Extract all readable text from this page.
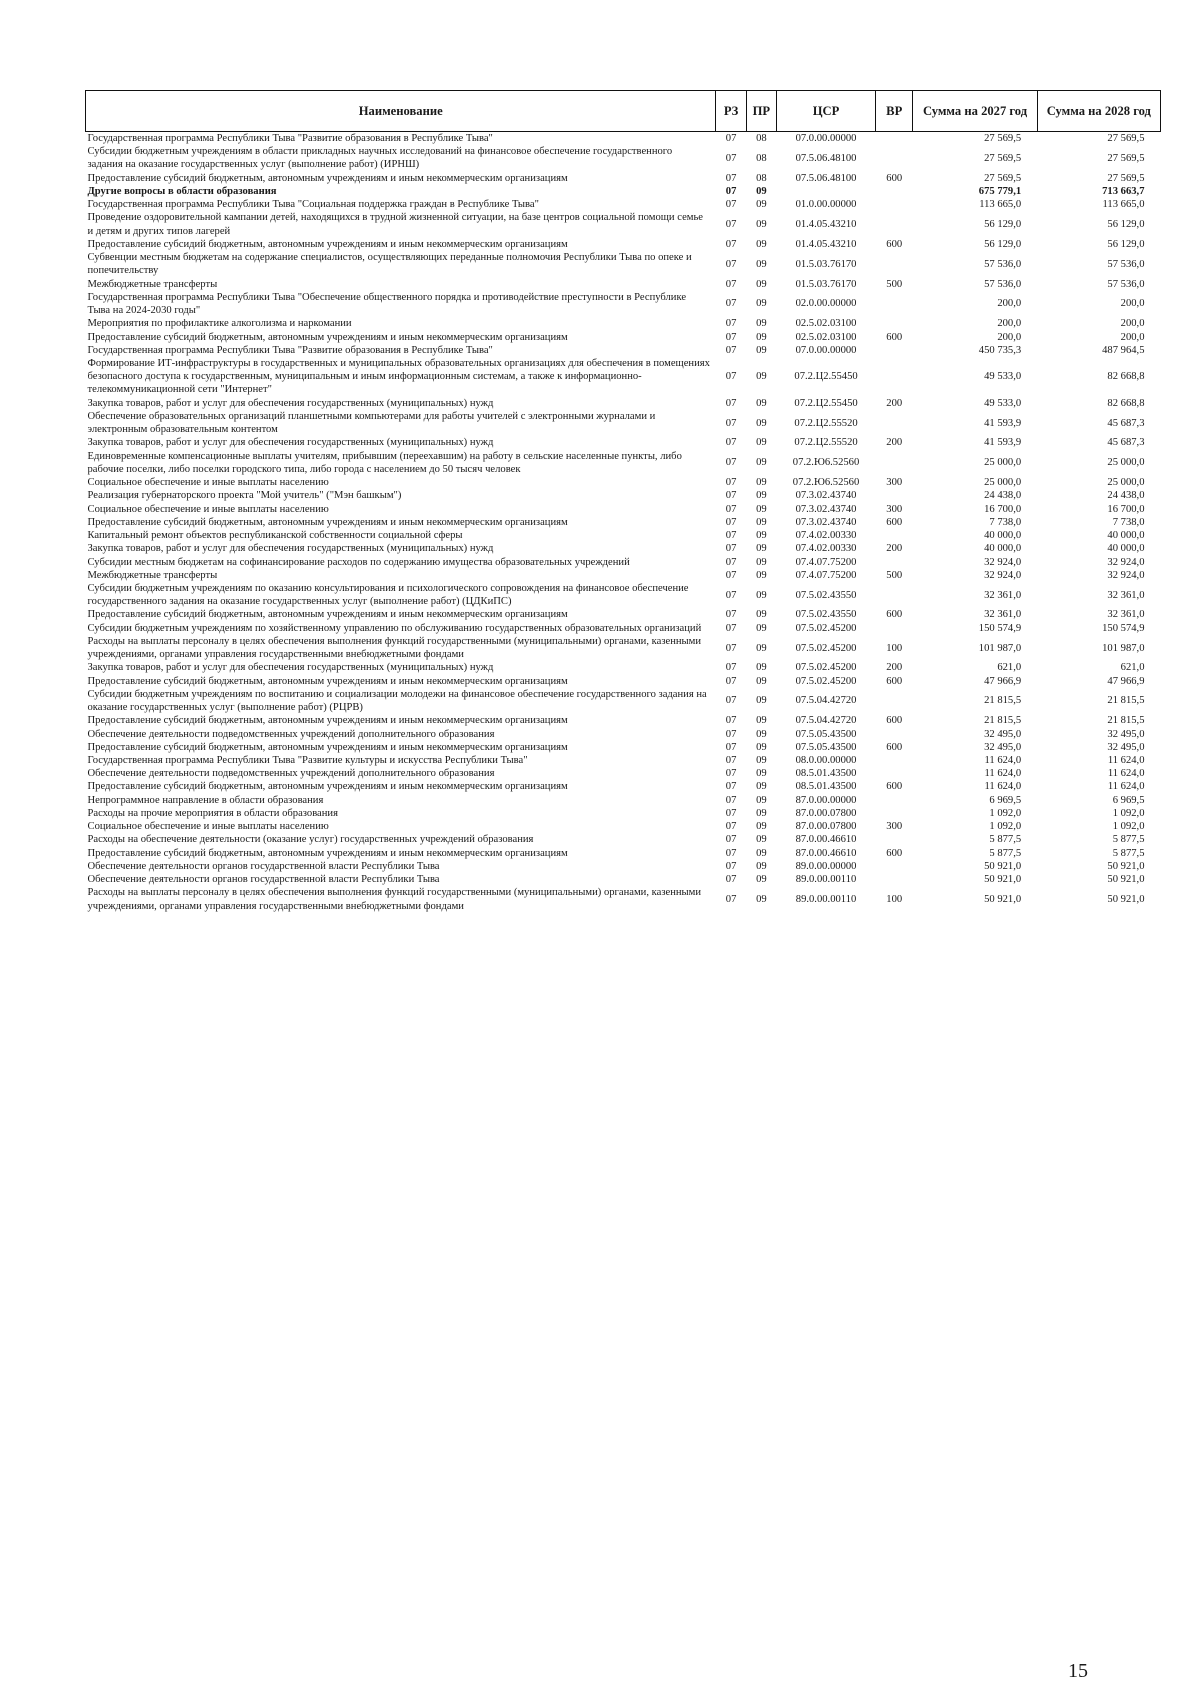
Наименование	РЗ	ПР	ЦСР	ВР	Сумма на 2027 год	Сумма на 2028 год
Государственная программа Республики Тыва "Развитие образования в Республике Тыва"	07	08	07.0.00.00000		27 569,5	27 569,5
Субсидии бюджетным учреждениям в области прикладных научных исследований на финансовое обеспечение государственного задания на оказание государственных услуг (выполнение работ) (ИРНШ)	07	08	07.5.06.48100		27 569,5	27 569,5
Предоставление субсидий бюджетным, автономным учреждениям и иным некоммерческим организациям	07	08	07.5.06.48100	600	27 569,5	27 569,5
Другие вопросы в области образования	07	09			675 779,1	713 663,7
Государственная программа Республики Тыва "Социальная поддержка граждан в Республике Тыва"	07	09	01.0.00.00000		113 665,0	113 665,0
Проведение оздоровительной кампании детей, находящихся в трудной жизненной ситуации, на базе центров социальной помощи семье и детям и других типов лагерей	07	09	01.4.05.43210		56 129,0	56 129,0
Предоставление субсидий бюджетным, автономным учреждениям и иным некоммерческим организациям	07	09	01.4.05.43210	600	56 129,0	56 129,0
Субвенции местным бюджетам на содержание специалистов, осуществляющих переданные полномочия Республики Тыва по опеке и попечительству	07	09	01.5.03.76170		57 536,0	57 536,0
Межбюджетные трансферты	07	09	01.5.03.76170	500	57 536,0	57 536,0
Государственная программа Республики Тыва "Обеспечение общественного порядка и противодействие преступности в Республике Тыва на 2024-2030 годы"	07	09	02.0.00.00000		200,0	200,0
Мероприятия по профилактике алкоголизма и наркомании	07	09	02.5.02.03100		200,0	200,0
Предоставление субсидий бюджетным, автономным учреждениям и иным некоммерческим организациям	07	09	02.5.02.03100	600	200,0	200,0
Государственная программа Республики Тыва "Развитие образования в Республике Тыва"	07	09	07.0.00.00000		450 735,3	487 964,5
Формирование ИТ-инфраструктуры в государственных и муниципальных образовательных организациях для обеспечения в помещениях безопасного доступа к государственным, муниципальным и иным информационным системам, а также к информационно-телекоммуникационной сети "Интернет"	07	09	07.2.Ц2.55450		49 533,0	82 668,8
Закупка товаров, работ и услуг для обеспечения государственных (муниципальных) нужд	07	09	07.2.Ц2.55450	200	49 533,0	82 668,8
Обеспечение образовательных организаций планшетными компьютерами для работы учителей с электронными журналами и электронным образовательным контентом	07	09	07.2.Ц2.55520		41 593,9	45 687,3
Закупка товаров, работ и услуг для обеспечения государственных (муниципальных) нужд	07	09	07.2.Ц2.55520	200	41 593,9	45 687,3
Единовременные компенсационные выплаты учителям, прибывшим (переехавшим) на работу в сельские населенные пункты, либо рабочие поселки, либо поселки городского типа, либо города с населением до 50 тысяч человек	07	09	07.2.Ю6.52560		25 000,0	25 000,0
Социальное обеспечение и иные выплаты населению	07	09	07.2.Ю6.52560	300	25 000,0	25 000,0
Реализация губернаторского проекта "Мой учитель" ("Мэн башкым")	07	09	07.3.02.43740		24 438,0	24 438,0
Социальное обеспечение и иные выплаты населению	07	09	07.3.02.43740	300	16 700,0	16 700,0
Предоставление субсидий бюджетным, автономным учреждениям и иным некоммерческим организациям	07	09	07.3.02.43740	600	7 738,0	7 738,0
Капитальный ремонт объектов республиканской собственности социальной сферы	07	09	07.4.02.00330		40 000,0	40 000,0
Закупка товаров, работ и услуг для обеспечения государственных (муниципальных) нужд	07	09	07.4.02.00330	200	40 000,0	40 000,0
Субсидии местным бюджетам на софинансирование расходов по содержанию имущества образовательных учреждений	07	09	07.4.07.75200		32 924,0	32 924,0
Межбюджетные трансферты	07	09	07.4.07.75200	500	32 924,0	32 924,0
Субсидии бюджетным учреждениям по оказанию консультирования и психологического сопровождения на финансовое обеспечение государственного задания на оказание государственных услуг (выполнение работ) (ЦДКиПС)	07	09	07.5.02.43550		32 361,0	32 361,0
Предоставление субсидий бюджетным, автономным учреждениям и иным некоммерческим организациям	07	09	07.5.02.43550	600	32 361,0	32 361,0
Субсидии бюджетным учреждениям по хозяйственному управлению по обслуживанию государственных образовательных организаций	07	09	07.5.02.45200		150 574,9	150 574,9
Расходы на выплаты персоналу в целях обеспечения выполнения функций государственными (муниципальными) органами, казенными учреждениями, органами управления государственными внебюджетными фондами	07	09	07.5.02.45200	100	101 987,0	101 987,0
Закупка товаров, работ и услуг для обеспечения государственных (муниципальных) нужд	07	09	07.5.02.45200	200	621,0	621,0
Предоставление субсидий бюджетным, автономным учреждениям и иным некоммерческим организациям	07	09	07.5.02.45200	600	47 966,9	47 966,9
Субсидии бюджетным учреждениям по воспитанию и социализации молодежи на финансовое обеспечение государственного задания на оказание государственных услуг (выполнение работ) (РЦРВ)	07	09	07.5.04.42720		21 815,5	21 815,5
Предоставление субсидий бюджетным, автономным учреждениям и иным некоммерческим организациям	07	09	07.5.04.42720	600	21 815,5	21 815,5
Обеспечение деятельности подведомственных учреждений дополнительного образования	07	09	07.5.05.43500		32 495,0	32 495,0
Предоставление субсидий бюджетным, автономным учреждениям и иным некоммерческим организациям	07	09	07.5.05.43500	600	32 495,0	32 495,0
Государственная программа Республики Тыва "Развитие культуры и искусства Республики Тыва"	07	09	08.0.00.00000		11 624,0	11 624,0
Обеспечение деятельности подведомственных учреждений дополнительного образования	07	09	08.5.01.43500		11 624,0	11 624,0
Предоставление субсидий бюджетным, автономным учреждениям и иным некоммерческим организациям	07	09	08.5.01.43500	600	11 624,0	11 624,0
Непрограммное направление в области образования	07	09	87.0.00.00000		6 969,5	6 969,5
Расходы на прочие мероприятия в области образования	07	09	87.0.00.07800		1 092,0	1 092,0
Социальное обеспечение и иные выплаты населению	07	09	87.0.00.07800	300	1 092,0	1 092,0
Расходы на обеспечение деятельности (оказание услуг) государственных учреждений образования	07	09	87.0.00.46610		5 877,5	5 877,5
Предоставление субсидий бюджетным, автономным учреждениям и иным некоммерческим организациям	07	09	87.0.00.46610	600	5 877,5	5 877,5
Обеспечение деятельности органов государственной власти Республики Тыва	07	09	89.0.00.00000		50 921,0	50 921,0
Обеспечение деятельности органов государственной власти Республики Тыва	07	09	89.0.00.00110		50 921,0	50 921,0
Расходы на выплаты персоналу в целях обеспечения выполнения функций государственными (муниципальными) органами, казенными учреждениями, органами управления государственными внебюджетными фондами	07	09	89.0.00.00110	100	50 921,0	50 921,0
15
